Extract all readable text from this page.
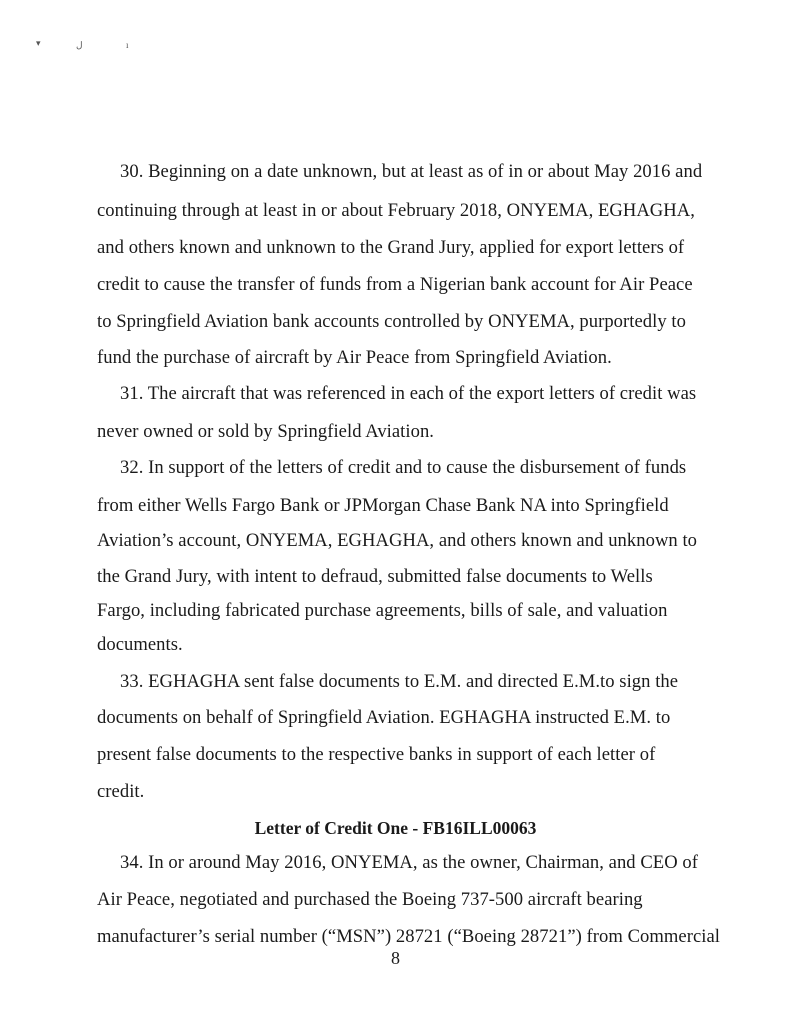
▾	ل	ı
30. Beginning on a date unknown, but at least as of in or about May 2016 and
continuing through at least in or about February 2018, ONYEMA, EGHAGHA,
and others known and unknown to the Grand Jury, applied for export letters of
credit to cause the transfer of funds from a Nigerian bank account for Air Peace
to Springfield Aviation bank accounts controlled by ONYEMA, purportedly to
fund the purchase of aircraft by Air Peace from Springfield Aviation.
31. The aircraft that was referenced in each of the export letters of credit was
never owned or sold by Springfield Aviation.
32. In support of the letters of credit and to cause the disbursement of funds
from either Wells Fargo Bank or JPMorgan Chase Bank NA into Springfield
Aviation’s account, ONYEMA, EGHAGHA, and others known and unknown to
the Grand Jury, with intent to defraud, submitted false documents to Wells
Fargo, including fabricated purchase agreements, bills of sale, and valuation
documents.
33. EGHAGHA sent false documents to E.M. and directed E.M.to sign the
documents on behalf of Springfield Aviation. EGHAGHA instructed E.M. to
present false documents to the respective banks in support of each letter of
credit.
Letter of Credit One - FB16ILL00063
34. In or around May 2016, ONYEMA, as the owner, Chairman, and CEO of
Air Peace, negotiated and purchased the Boeing 737-500 aircraft bearing
manufacturer’s serial number (“MSN”) 28721 (“Boeing 28721”) from Commercial
8
